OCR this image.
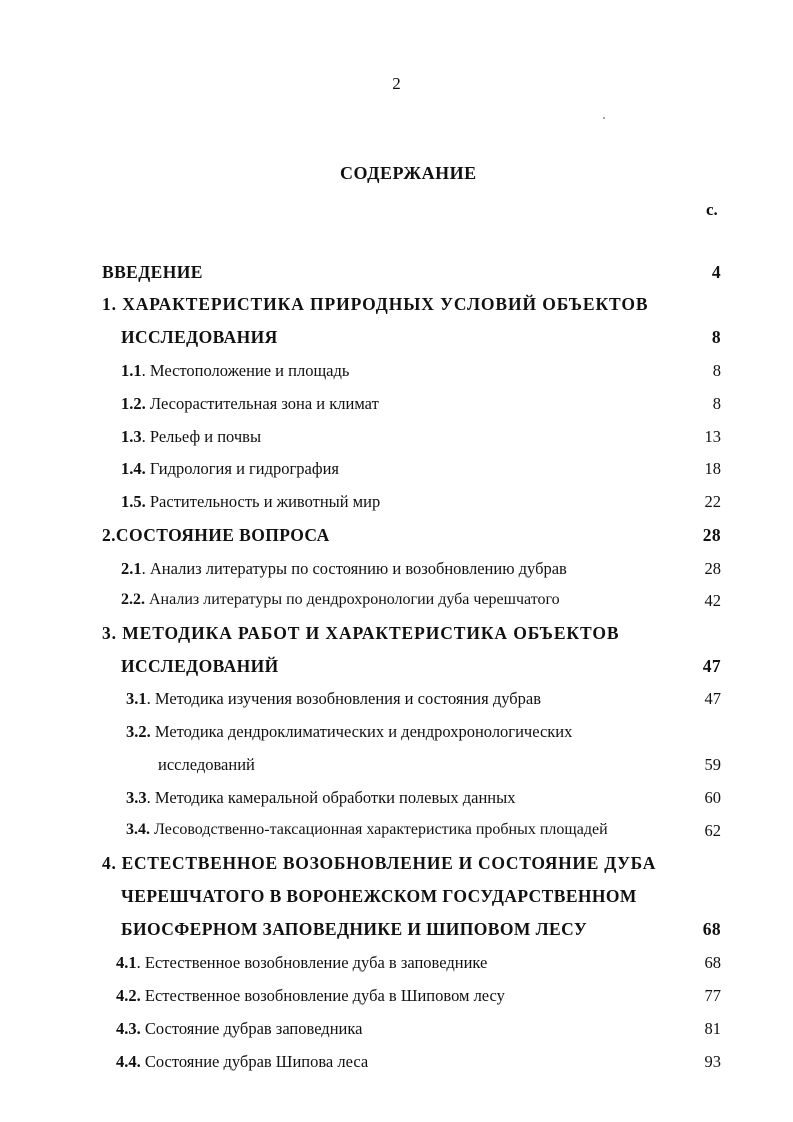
2
СОДЕРЖАНИЕ
с.
ВВЕДЕНИЕ	4
1. ХАРАКТЕРИСТИКА ПРИРОДНЫХ УСЛОВИЙ ОБЪЕКТОВ
ИССЛЕДОВАНИЯ	8
1.1. Местоположение и площадь	8
1.2. Лесорастительная зона и климат	8
1.3. Рельеф и почвы	13
1.4. Гидрология и гидрография	18
1.5. Растительность и животный мир	22
2.СОСТОЯНИЕ ВОПРОСА	28
2.1. Анализ литературы по состоянию и возобновлению дубрав	28
2.2. Анализ литературы по дендрохронологии дуба черешчатого	42
3. МЕТОДИКА РАБОТ И ХАРАКТЕРИСТИКА ОБЪЕКТОВ
ИССЛЕДОВАНИЙ	47
3.1. Методика изучения возобновления и состояния дубрав	47
3.2. Методика дендроклиматических и дендрохронологических
исследований	59
3.3. Методика камеральной обработки полевых данных	60
3.4. Лесоводственно-таксационная характеристика пробных площадей	62
4. ЕСТЕСТВЕННОЕ ВОЗОБНОВЛЕНИЕ И СОСТОЯНИЕ ДУБА
ЧЕРЕШЧАТОГО В ВОРОНЕЖСКОМ ГОСУДАРСТВЕННОМ
БИОСФЕРНОМ ЗАПОВЕДНИКЕ И ШИПОВОМ ЛЕСУ	68
4.1. Естественное возобновление дуба в заповеднике	68
4.2. Естественное возобновление дуба в Шиповом лесу	77
4.3. Состояние дубрав заповедника	81
4.4. Состояние дубрав Шипова леса	93
